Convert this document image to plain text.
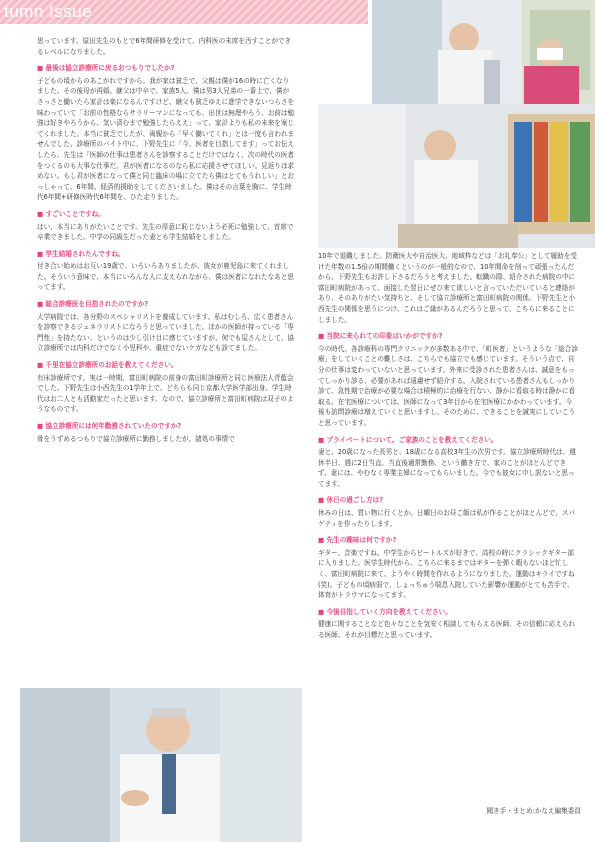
tumn Issue

思っています。原田先生のもとで6年間研修を受けて、内科医の末席を汚すことができるレベルになりました。

■ 最後は協立診療所に戻るおつもりでしたか?

子どもの頃からのあこがれですから。我が家は貧乏で、父親は僕が16の時に亡くなりました。その後母が再婚。継父は中卒で、家族5人。僕は男3人兄弟の一番上で、僕がさっさと働いたら家計は楽になるんですけど、継父も貧乏ゆえに進学できないつらさを味わっていて「お前の性格ならサラリーマンになっても、出世は無理やろう。お前は勉強は好きやろうから、気い済むまで勉強したらええ」って、家計よりも私の未来を案じてくれました。本当に貧乏でしたが、両親から「早く働いてくれ」とは一度も言われませんでした。診療所のバイト中に、下野先生に「今、医者を目指してます」ってお伝えしたら、先生は「医師の仕事は患者さんを診察することだけではなく、次の時代の医者をつくるのも大事な仕事だ。君が医者になるのなら私に応援させてほしい。見返りは求めない。もし君が医者になって僕と同じ臨床の場に立てたら僕はとてもうれしい」とおっしゃって、6年間、経済的援助をしてくださいました。僕はその言葉を胸に、学生時代6年間+研修医時代6年間を、ひた走りました。

■ すごいことですね。

はい、本当にありがたいことです。先生の厚意に恥じないよう必死に勉強して、首席で卒業できました。中学の同級生だった妻とも学生結婚をしました。

■ 学生結婚されたんですね。

付き合い始めはお互い19歳で、いろいろありましたが、彼女が鹿児島に来てくれました。そういう意味で、本当にいろんな人に支えられながら、僕は医者になれたなあと思ってます。

■ 総合診療医を目指されたのですか?

大学病院では、各分野のスペシャリストを養成しています。私はむしろ、広く患者さんを診察できるジェネラリストになろうと思っていました。ほかの医師が持っている「専門性」を持たない、というのは少し引け目に感じていますが、何でも屋さんとして、協立診療所では内科だけでなく小児科や、重症でないケガなども診てました。

■ 千里在協立診療所のお話を教えてください。

有床診療所です。実は一時期、富田町病院の前身の富田町診療所と同じ医療法人青藍会でした。下野先生は小西先生の1学年上で、どちらも同じ京都大学医学部出身。学生時代はお二人とも活動家だったと思います。なので、協立診療所と富田町病院は双子のようなものです。

■ 協立診療所には何年勤務されていたのですか?

骨をうずめるつもりで協立診療所に勤務しましたが、諸処の事情で

10年で退職しました。防衛医大や自治医大、地域枠などは「お礼奉公」として履助を受けた年数の1.5倍の期間働くというのが一般的なので、10年間命を削って頑張ったんだから、下野先生もお許し下さるだろうと考えました。転職の際、紹介された病院の中に富田町病院があって、面接した翌日にぜひ来て欲しいと言っていただいていると連絡があり、そのありがたい気持ちと、そして協立診療所と富田町病院の関係、下野先生と小西先生の関係を思うにつけ、これはご縁があるんだろうと思って、こちらに来ることにしました。

■ 当院に来られての印象はいかがですか?

今の時代、各診療科の専門クリニックが多数ある中で、「町医者」というような「総合診療」をしていくことの難しさは、こちらでも協立でも感じています。そういう点で、自分の仕事は変わっていないと思っています。外来に受診された患者さんは、誠意をもってしっかり診る、必要があれば遠慮せず紹介する。入院されている患者さんもしっかり診て、急性期で治療が必要な場合は積極的に治療を行ない、静かに看取る時は静かに看取る。在宅医療については、医師になって3年目から在宅医療にかかわっています。今後も訪問診療は増えていくと思いますし、そのために、できることを誠実にしていこうと思っています。

■ プライベートについて。ご家族のことを教えてください。

妻と、20歳になった長男と、18歳になる高校3年生の次男です。協立診療所時代は、週休半日、週に2日当直、当直後通常勤務、という働き方で、家のことがほとんどできず、妻には、やむなく専業主婦になってもらいました。今でも彼女に申し訳ないと思ってます。

■ 休日の過ごし方は?

休みの日は、買い物に行くとか。日曜日のお昼ご飯は私が作ることがほとんどで、スパゲティを作ったりします。

■ 先生の趣味は何ですか?

ギター、音楽ですね。中学生からビートルズが好きで、高校の時にクラシックギター部に入りました。医学生時代から、こちらに来るまではギターを弾く暇もないほど忙しく、富田町病院に来て、ようやく時間を作れるようになりました。運動はキライですね(笑)。子どもの頃病弱で、しょっちゅう喘息入院していた影響か運動がとても苦手で、体育がトラウマになってます。

■ 今後目指していく方向を教えてください。

健康に関することなど色々なことを気安く相談してもらえる医師、その信頼に応えられる医師、それが目標だと思っています。

聞き手・まとめ:かなえ編集委員
